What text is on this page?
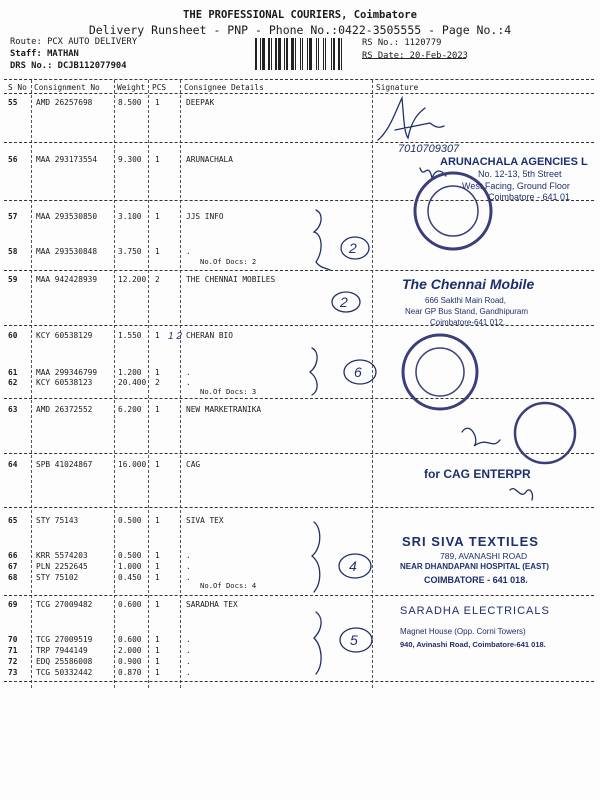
THE PROFESSIONAL COURIERS, Coimbatore
Delivery Runsheet - PNP - Phone No.:0422-3505555 - Page No.:4
Route: PCX AUTO DELIVERY
Staff: MATHAN
DRS No.: DCJB112077904
RS No.: 1120779
RS Date: 20-Feb-2023
S No Consignment No Weight PCS Consignee Details	Signature
55 AMD 26257698	8.500 1	DEEPAK
56 MAA 293173554	9.300 1	ARUNACHALA
57 MAA 293530850	3.100 1	JJS INFO
58 MAA 293530848	3.750 1	.
59 MAA 942428939	12.200 2	THE CHENNAI MOBILES
60 KCY 60538129	1.550 1	CHERAN BIO
61 MAA 299346799	1.200 1	.
62 KCY 60538123	20.400 2	.
63 AMD 26372552	6.200 1	NEW MARKETRANIKA
64 SPB 41024867	16.000 1	CAG
65 STY 75143	0.500 1	SIVA TEX
66 KRR 5574203	0.500 1	.
67 PLN 2252645	1.000 1	.
68 STY 75102	0.450 1	.
69 TCG 27009482	0.600 1	SARADHA TEX
70 TCG 27009519	0.600 1	.
71 TRP 7944149	2.000 1	.
72 EDQ 25586008	0.900 1	.
73 TCG 50332442	0.870 1	.
No.Of Docs: 2
No.Of Docs: 3
No.Of Docs: 4
2
2
6
4
5
7010709307
1 2
ARUNACHALA AGENCIES L
No. 12-13, 5th Street
West Facing, Ground Floor
Coimbatore - 641 01
The Chennai Mobile
666 Sakthi Main Road,
Near GP Bus Stand, Gandhipuram
Coimbatore-641 012.
for CAG ENTERPR
SRI SIVA TEXTILES
789, AVANASHI ROAD
NEAR DHANDAPANI HOSPITAL (EAST)
COIMBATORE - 641 018.
SARADHA ELECTRICALS
Magnet House (Opp. Corni Towers)
940, Avinashi Road, Coimbatore-641 018.
